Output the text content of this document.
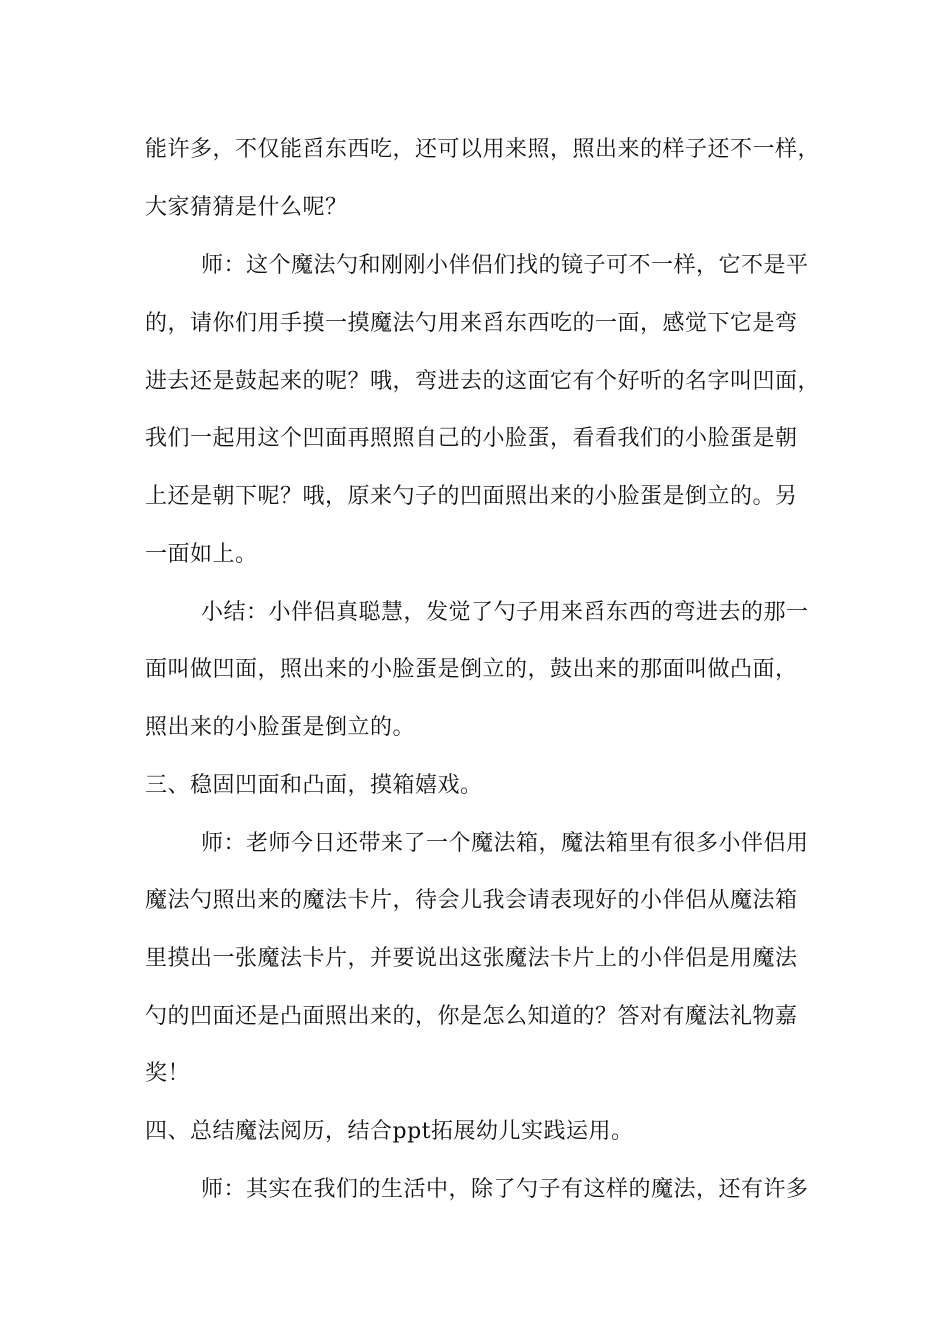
能许多，不仅能舀东西吃，还可以用来照，照出来的样子还不一样，
大家猜猜是什么呢？
师：这个魔法勺和刚刚小伴侣们找的镜子可不一样，它不是平
的，请你们用手摸一摸魔法勺用来舀东西吃的一面，感觉下它是弯
进去还是鼓起来的呢？哦，弯进去的这面它有个好听的名字叫凹面，
我们一起用这个凹面再照照自己的小脸蛋，看看我们的小脸蛋是朝
上还是朝下呢？哦，原来勺子的凹面照出来的小脸蛋是倒立的。另
一面如上。
小结：小伴侣真聪慧，发觉了勺子用来舀东西的弯进去的那一
面叫做凹面，照出来的小脸蛋是倒立的，鼓出来的那面叫做凸面，
照出来的小脸蛋是倒立的。
三、稳固凹面和凸面，摸箱嬉戏。
师：老师今日还带来了一个魔法箱，魔法箱里有很多小伴侣用
魔法勺照出来的魔法卡片，待会儿我会请表现好的小伴侣从魔法箱
里摸出一张魔法卡片，并要说出这张魔法卡片上的小伴侣是用魔法
勺的凹面还是凸面照出来的，你是怎么知道的？答对有魔法礼物嘉
奖！
四、总结魔法阅历，结合ppt拓展幼儿实践运用。
师：其实在我们的生活中，除了勺子有这样的魔法，还有许多
